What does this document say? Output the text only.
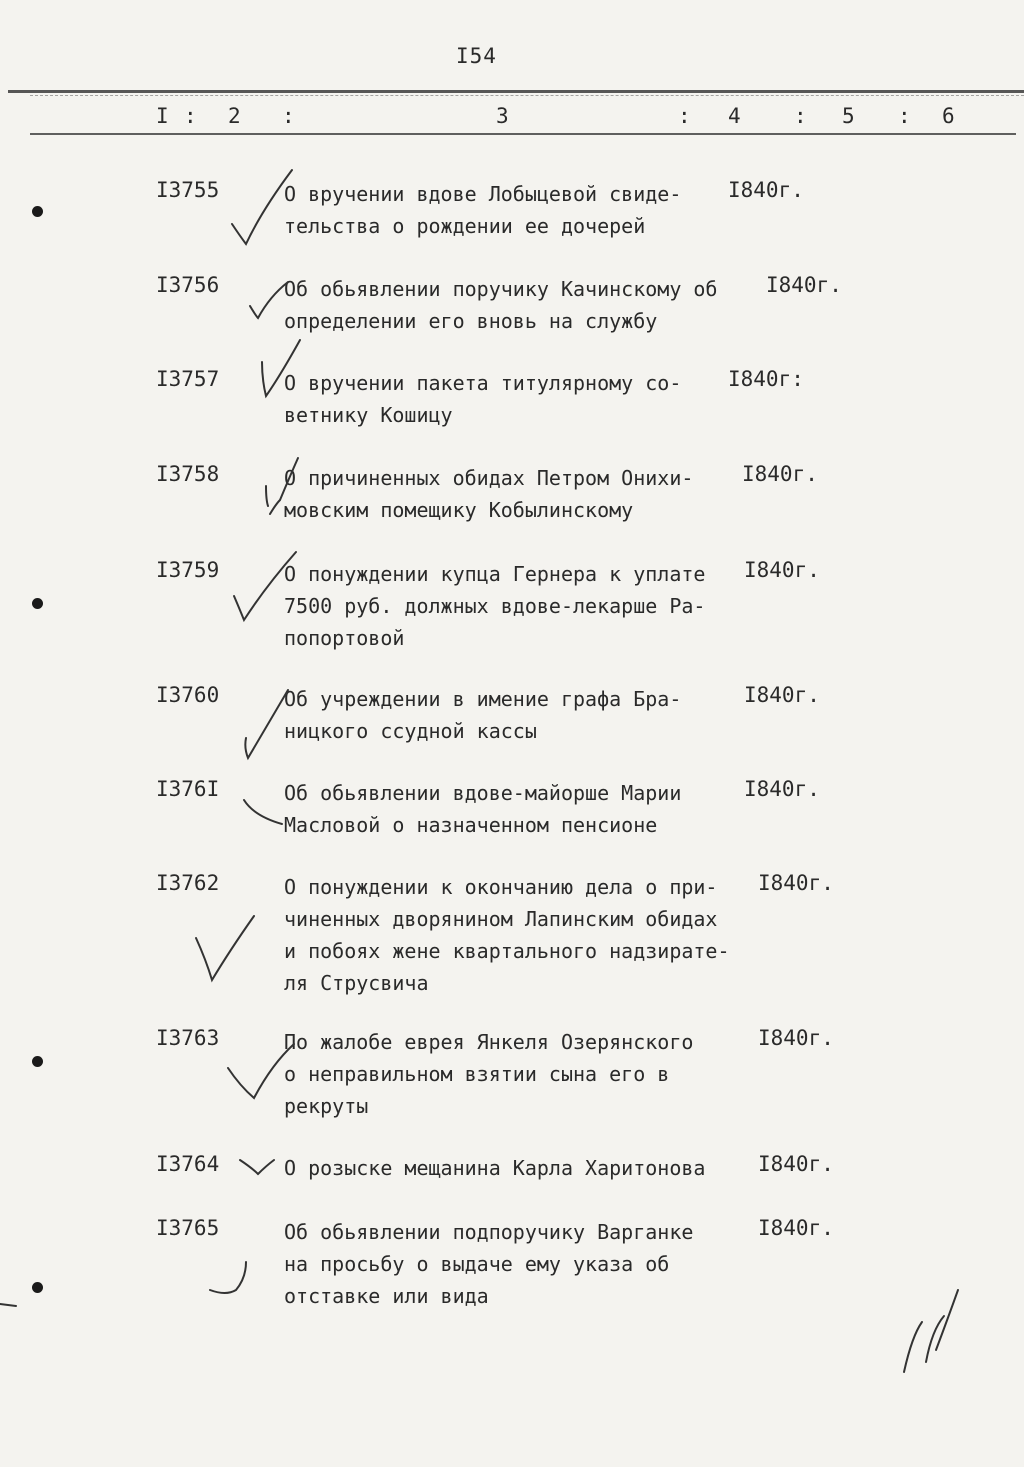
I54
I : 2 :	3	: 4	: 5 : 6
I3755	О вручении вдове Лобыцевой свиде-
тельства о рождении ее дочерей
I840г.
I3756	Об обьявлении поручику Качинскому об
определении его вновь на службу
I840г.
I3757	О вручении пакета титулярному со-
ветнику Кошицу
I840г:
I3758	О причиненных обидах Петром Онихи-
мовским помещику Кобылинскому
I840г.
I3759	О понуждении купца Гернера к уплате
7500 руб. должных вдове-лекарше Ра-
попортовой
I840г.
I3760	Об учреждении в имение графа Бра-
ницкого ссудной кассы
I840г.
I376I	Об обьявлении вдове-майорше Марии
Масловой о назначенном пенсионе
I840г.
I3762	О понуждении к окончанию дела о при-
чиненных дворянином Лапинским обидах
и побоях жене квартального надзирате-
ля Струсвича
I840г.
I3763	По жалобе еврея Янкеля Озерянского
о неправильном взятии сына его в
рекруты
I840г.
I3764	О розыске мещанина Карла Харитонова	I840г.
I3765	Об обьявлении подпоручику Варганке
на просьбу о выдаче ему указа об
отставке или вида
I840г.
